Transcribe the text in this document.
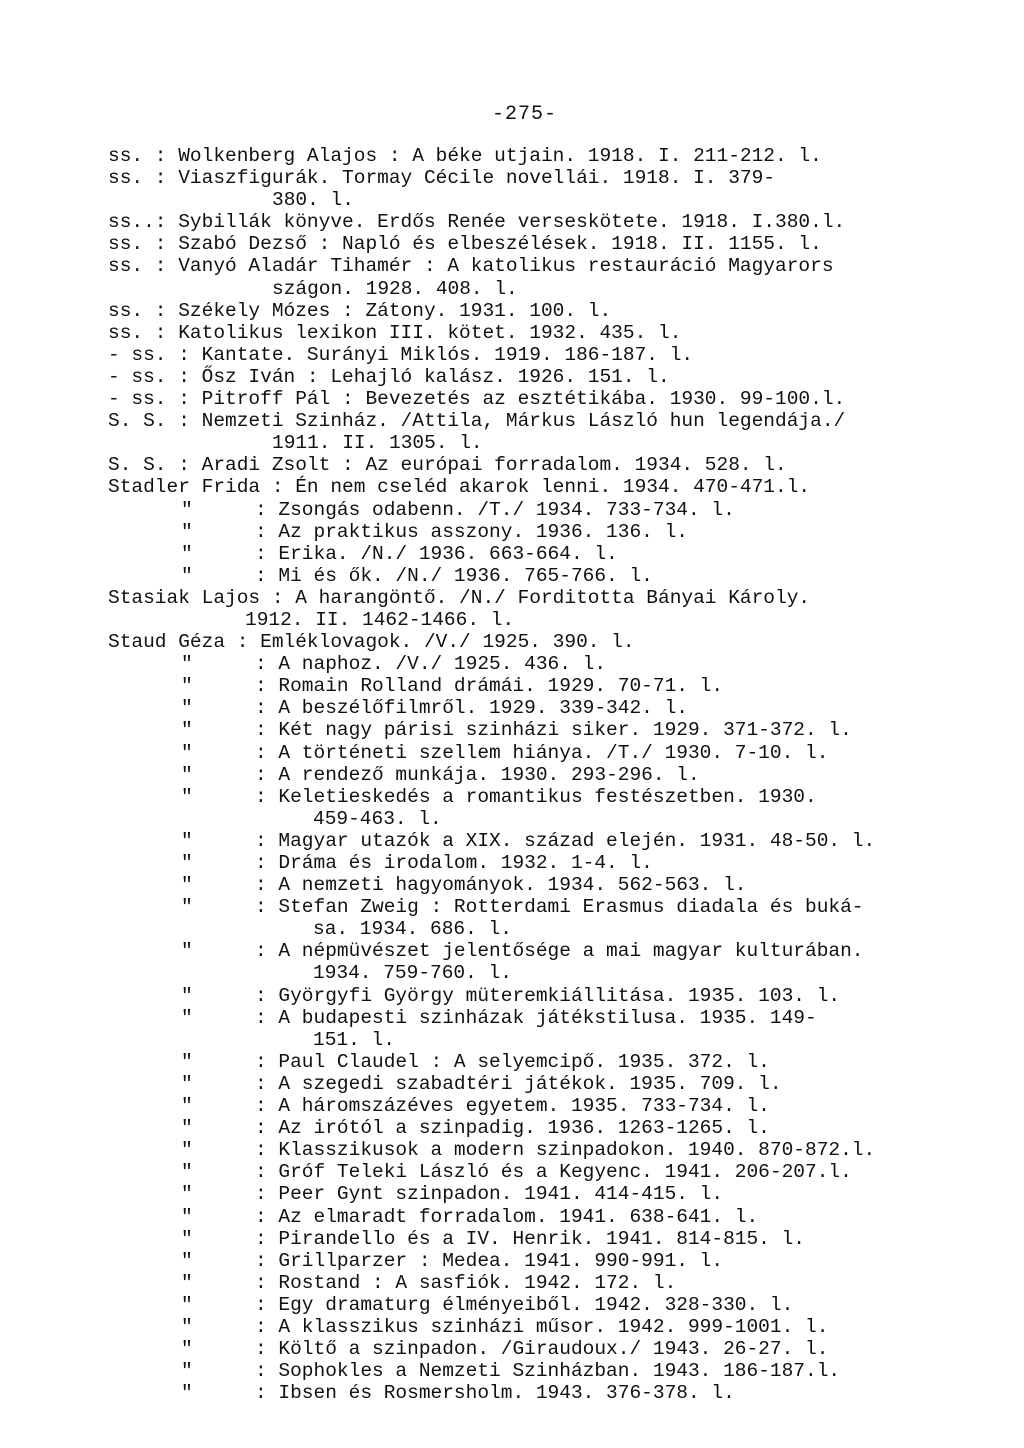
-275-
ss. : Wolkenberg Alajos : A béke utjain. 1918. I. 211-212. l.
ss. : Viaszfigurák. Tormay Cécile novellái. 1918. I. 379-
380. l.
ss..: Sybillák könyve. Erdős Renée verseskötete. 1918. I.380.l.
ss. : Szabó Dezső : Napló és elbeszélések. 1918. II. 1155. l.
ss. : Vanyó Aladár Tihamér : A katolikus restauráció Magyarors
szágon. 1928. 408. l.
ss. : Székely Mózes : Zátony. 1931. 100. l.
ss. : Katolikus lexikon III. kötet. 1932. 435. l.
- ss. : Kantate. Surányi Miklós. 1919. 186-187. l.
- ss. : Ősz Iván : Lehajló kalász. 1926. 151. l.
- ss. : Pitroff Pál : Bevezetés az esztétikába. 1930. 99-100.l.
S. S. : Nemzeti Szinház. /Attila, Márkus László hun legendája./
1911. II. 1305. l.
S. S. : Aradi Zsolt : Az európai forradalom. 1934. 528. l.
Stadler Frida : Én nem cseléd akarok lenni. 1934. 470-471.l.
"	: Zsongás odabenn. /T./ 1934. 733-734. l.
"	: Az praktikus asszony. 1936. 136. l.
"	: Erika. /N./ 1936. 663-664. l.
"	: Mi és ők. /N./ 1936. 765-766. l.
Stasiak Lajos : A harangöntő. /N./ Forditotta Bányai Károly.
1912. II. 1462-1466. l.
Staud Géza : Emléklovagok. /V./ 1925. 390. l.
"	: A naphoz. /V./ 1925. 436. l.
"	: Romain Rolland drámái. 1929. 70-71. l.
"	: A beszélőfilmről. 1929. 339-342. l.
"	: Két nagy párisi szinházi siker. 1929. 371-372. l.
"	: A történeti szellem hiánya. /T./ 1930. 7-10. l.
"	: A rendező munkája. 1930. 293-296. l.
"	: Keletieskedés a romantikus festészetben. 1930.
459-463. l.
"	: Magyar utazók a XIX. század elején. 1931. 48-50. l.
"	: Dráma és irodalom. 1932. 1-4. l.
"	: A nemzeti hagyományok. 1934. 562-563. l.
"	: Stefan Zweig : Rotterdami Erasmus diadala és buká-
sa. 1934. 686. l.
"	: A népmüvészet jelentősége a mai magyar kulturában.
1934. 759-760. l.
"	: Györgyfi György müteremkiállitása. 1935. 103. l.
"	: A budapesti szinházak játékstilusa. 1935. 149-
151. l.
"	: Paul Claudel : A selyemcipő. 1935. 372. l.
"	: A szegedi szabadtéri játékok. 1935. 709. l.
"	: A háromszázéves egyetem. 1935. 733-734. l.
"	: Az irótól a szinpadig. 1936. 1263-1265. l.
"	: Klasszikusok a modern szinpadokon. 1940. 870-872.l.
"	: Gróf Teleki László és a Kegyenc. 1941. 206-207.l.
"	: Peer Gynt szinpadon. 1941. 414-415. l.
"	: Az elmaradt forradalom. 1941. 638-641. l.
"	: Pirandello és a IV. Henrik. 1941. 814-815. l.
"	: Grillparzer : Medea. 1941. 990-991. l.
"	: Rostand : A sasfiók. 1942. 172. l.
"	: Egy dramaturg élményeiből. 1942. 328-330. l.
"	: A klasszikus szinházi műsor. 1942. 999-1001. l.
"	: Költő a szinpadon. /Giraudoux./ 1943. 26-27. l.
"	: Sophokles a Nemzeti Szinházban. 1943. 186-187.l.
"	: Ibsen és Rosmersholm. 1943. 376-378. l.
